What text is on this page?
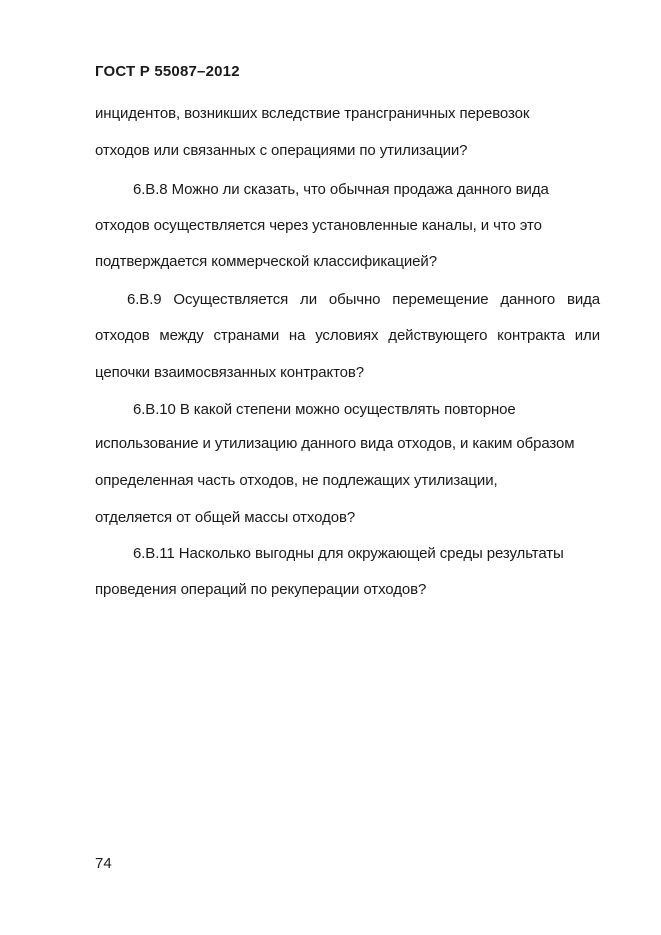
ГОСТ Р 55087–2012
инцидентов, возникших вследствие трансграничных перевозок
отходов или связанных с операциями по утилизации?
6.B.8 Можно ли сказать, что обычная продажа данного вида
отходов осуществляется через установленные каналы, и что это
подтверждается коммерческой классификацией?
6.B.9 Осуществляется ли обычно перемещение данного вида
отходов между странами на условиях действующего контракта или
цепочки взаимосвязанных контрактов?
6.B.10 В какой степени можно осуществлять повторное
использование и утилизацию данного вида отходов, и каким образом
определенная часть отходов, не подлежащих утилизации,
отделяется от общей массы отходов?
6.B.11 Насколько выгодны для окружающей среды результаты
проведения операций по рекуперации отходов?
74
